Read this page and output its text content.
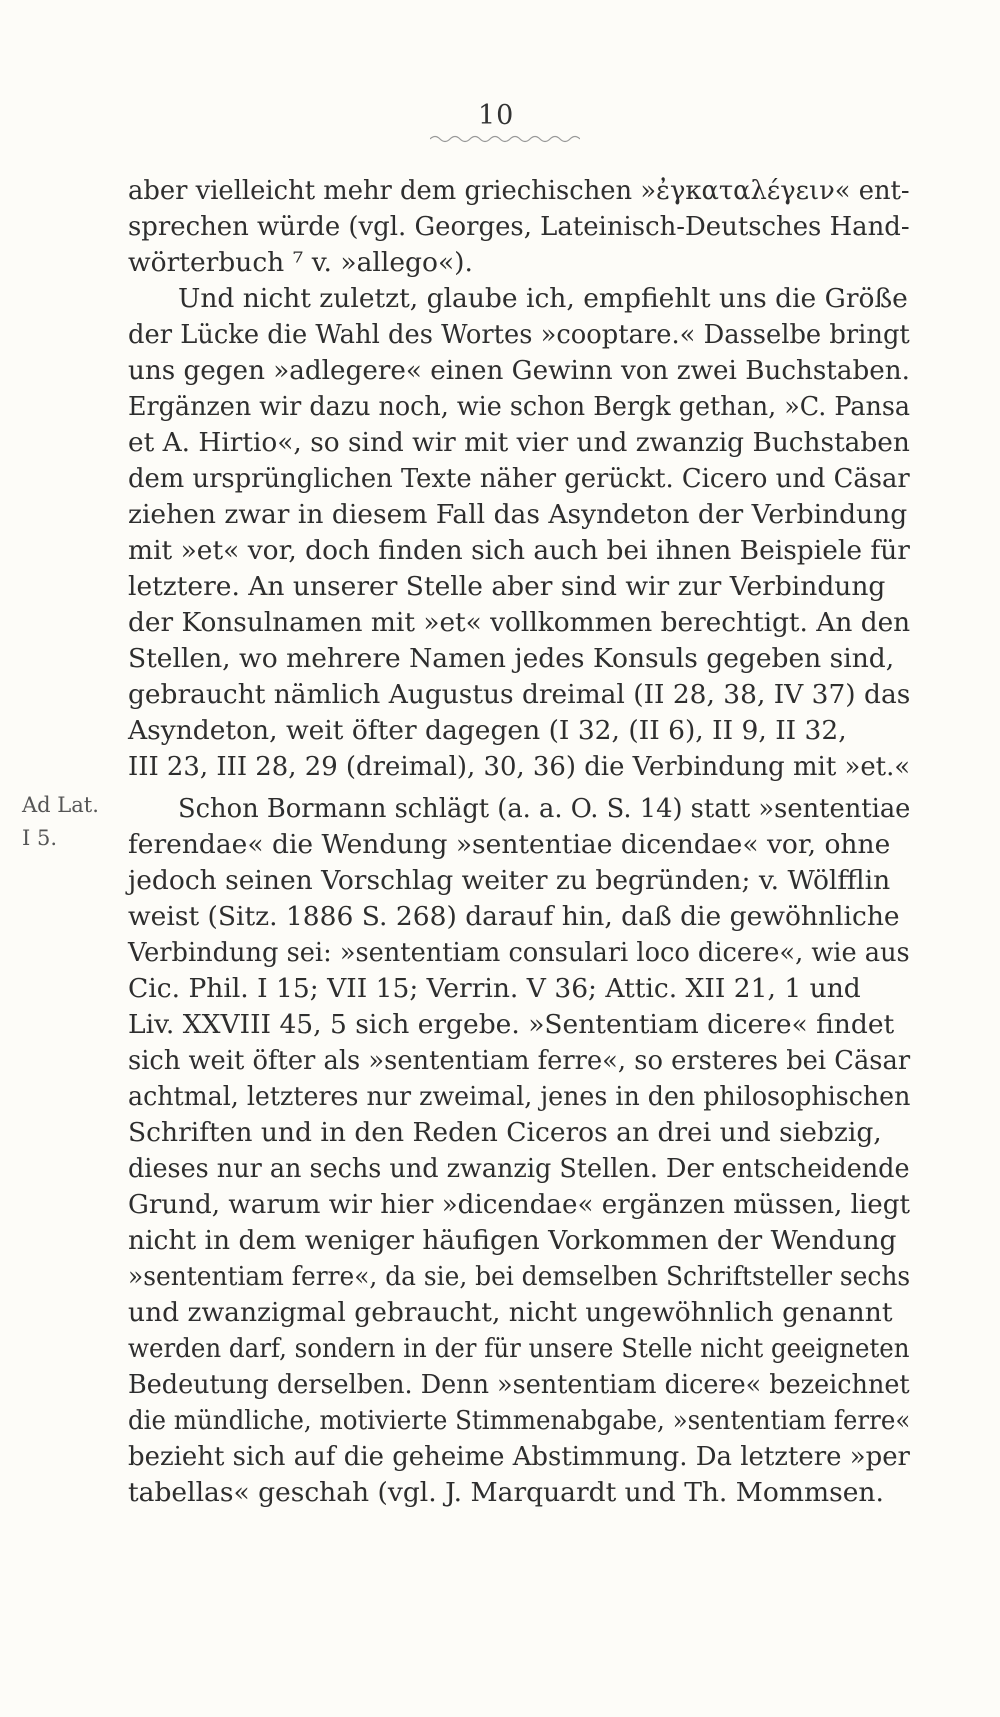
10
Ad Lat.
I 5.
aber vielleicht mehr dem griechischen »ἐγκαταλέγειν« ent-
sprechen würde (vgl. Georges, Lateinisch-Deutsches Hand-
wörterbuch ⁷ v. »allego«).
Und nicht zuletzt, glaube ich, empfiehlt uns die Größe
der Lücke die Wahl des Wortes »cooptare.« Dasselbe bringt
uns gegen »adlegere« einen Gewinn von zwei Buchstaben.
Ergänzen wir dazu noch, wie schon Bergk gethan, »C. Pansa
et A. Hirtio«, so sind wir mit vier und zwanzig Buchstaben
dem ursprünglichen Texte näher gerückt. Cicero und Cäsar
ziehen zwar in diesem Fall das Asyndeton der Verbindung
mit »et« vor, doch finden sich auch bei ihnen Beispiele für
letztere. An unserer Stelle aber sind wir zur Verbindung
der Konsulnamen mit »et« vollkommen berechtigt. An den
Stellen, wo mehrere Namen jedes Konsuls gegeben sind,
gebraucht nämlich Augustus dreimal (II 28, 38, IV 37) das
Asyndeton, weit öfter dagegen (I 32, (II 6), II 9, II 32,
III 23, III 28, 29 (dreimal), 30, 36) die Verbindung mit »et.«
Schon Bormann schlägt (a. a. O. S. 14) statt »sententiae
ferendae« die Wendung »sententiae dicendae« vor, ohne
jedoch seinen Vorschlag weiter zu begründen; v. Wölfflin
weist (Sitz. 1886 S. 268) darauf hin, daß die gewöhnliche
Verbindung sei: »sententiam consulari loco dicere«, wie aus
Cic. Phil. I 15; VII 15; Verrin. V 36; Attic. XII 21, 1 und
Liv. XXVIII 45, 5 sich ergebe. »Sententiam dicere« findet
sich weit öfter als »sententiam ferre«, so ersteres bei Cäsar
achtmal, letzteres nur zweimal, jenes in den philosophischen
Schriften und in den Reden Ciceros an drei und siebzig,
dieses nur an sechs und zwanzig Stellen. Der entscheidende
Grund, warum wir hier »dicendae« ergänzen müssen, liegt
nicht in dem weniger häufigen Vorkommen der Wendung
»sententiam ferre«, da sie, bei demselben Schriftsteller sechs
und zwanzigmal gebraucht, nicht ungewöhnlich genannt
werden darf, sondern in der für unsere Stelle nicht geeigneten
Bedeutung derselben. Denn »sententiam dicere« bezeichnet
die mündliche, motivierte Stimmenabgabe, »sententiam ferre«
bezieht sich auf die geheime Abstimmung. Da letztere »per
tabellas« geschah (vgl. J. Marquardt und Th. Mommsen.
